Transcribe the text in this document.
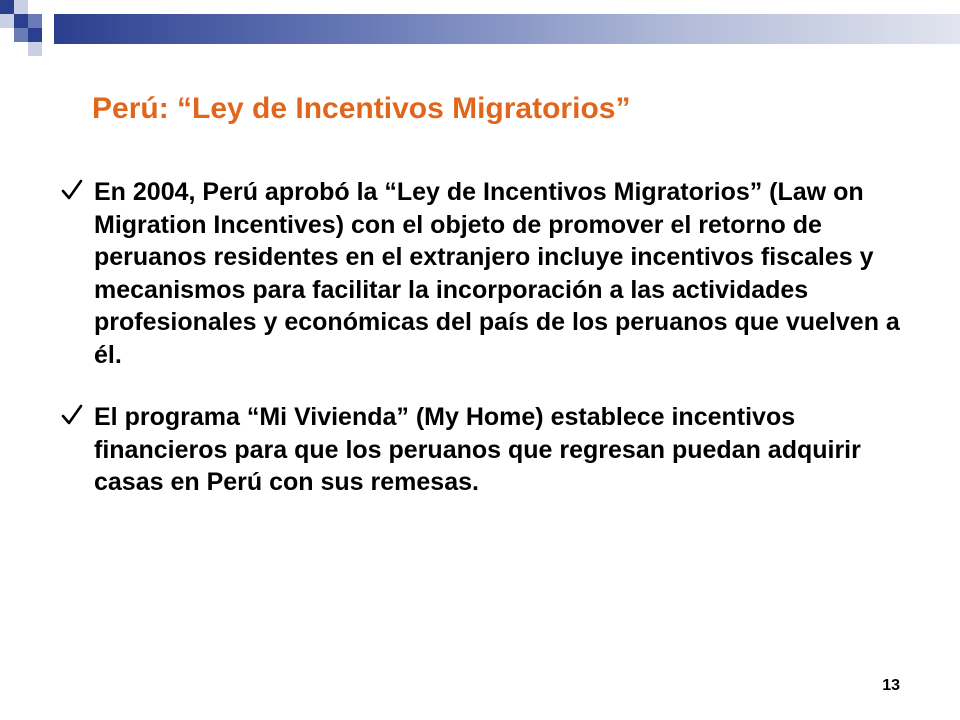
Perú: “Ley de Incentivos Migratorios”
En 2004, Perú aprobó la “Ley de Incentivos Migratorios” (Law on Migration Incentives) con el objeto de promover el retorno de peruanos residentes en el extranjero incluye incentivos fiscales y mecanismos para facilitar la incorporación a las actividades profesionales y económicas del país de los peruanos que vuelven a él.
El programa “Mi Vivienda” (My Home) establece incentivos financieros para que los peruanos que regresan puedan adquirir casas en Perú con sus remesas.
13
